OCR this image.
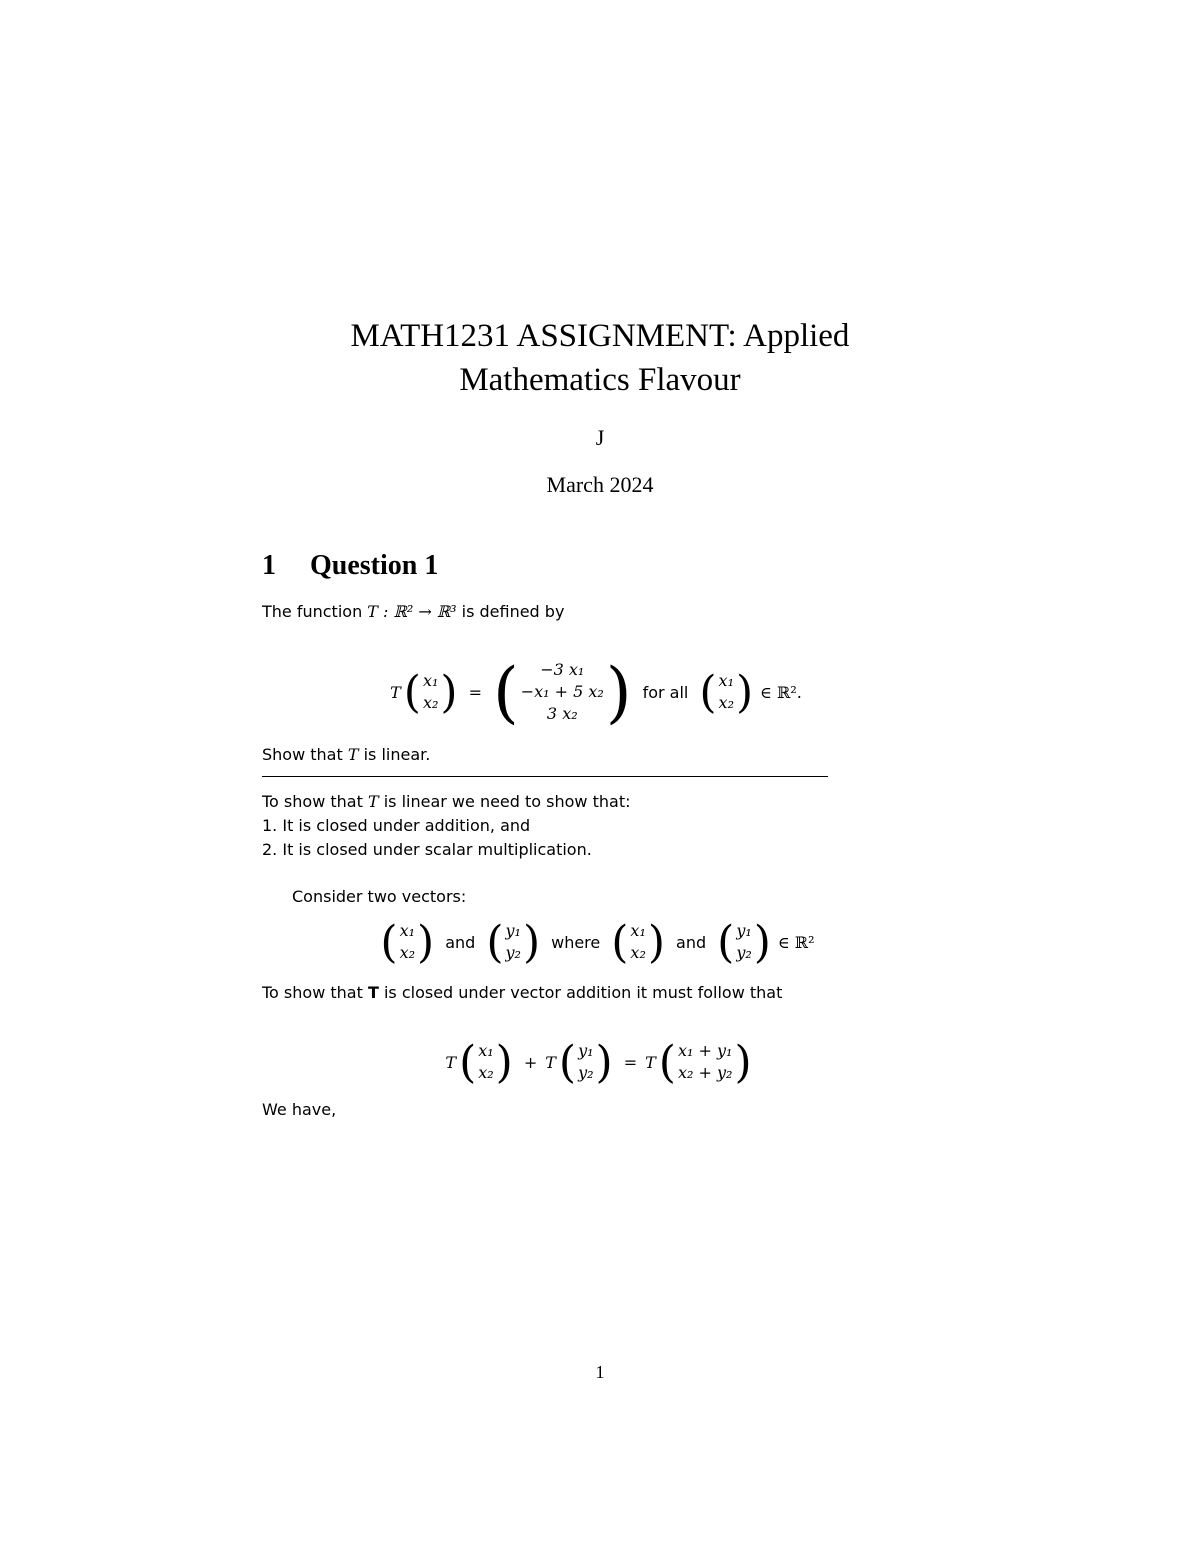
MATH1231 ASSIGNMENT: Applied
Mathematics Flavour
J
March 2024
1 Question 1
The function T : ℝ² → ℝ³ is defined by
T ( x₁
x₂ ) = (	−3 x₁
−x₁ + 5 x₂
3 x₂ ) for all ( x₁
x₂ ) ∈ ℝ².
Show that T is linear.
To show that T is linear we need to show that:
1. It is closed under addition, and
2. It is closed under scalar multiplication.
Consider two vectors:
( x₁
x₂ ) and ( y₁
y₂ ) where ( x₁
x₂ ) and ( y₁
y₂ ) ∈ ℝ²
To show that T is closed under vector addition it must follow that
T ( x₁
x₂ ) + T ( y₁
y₂ ) = T ( x₁ + y₁
x₂ + y₂ )
We have,
1
